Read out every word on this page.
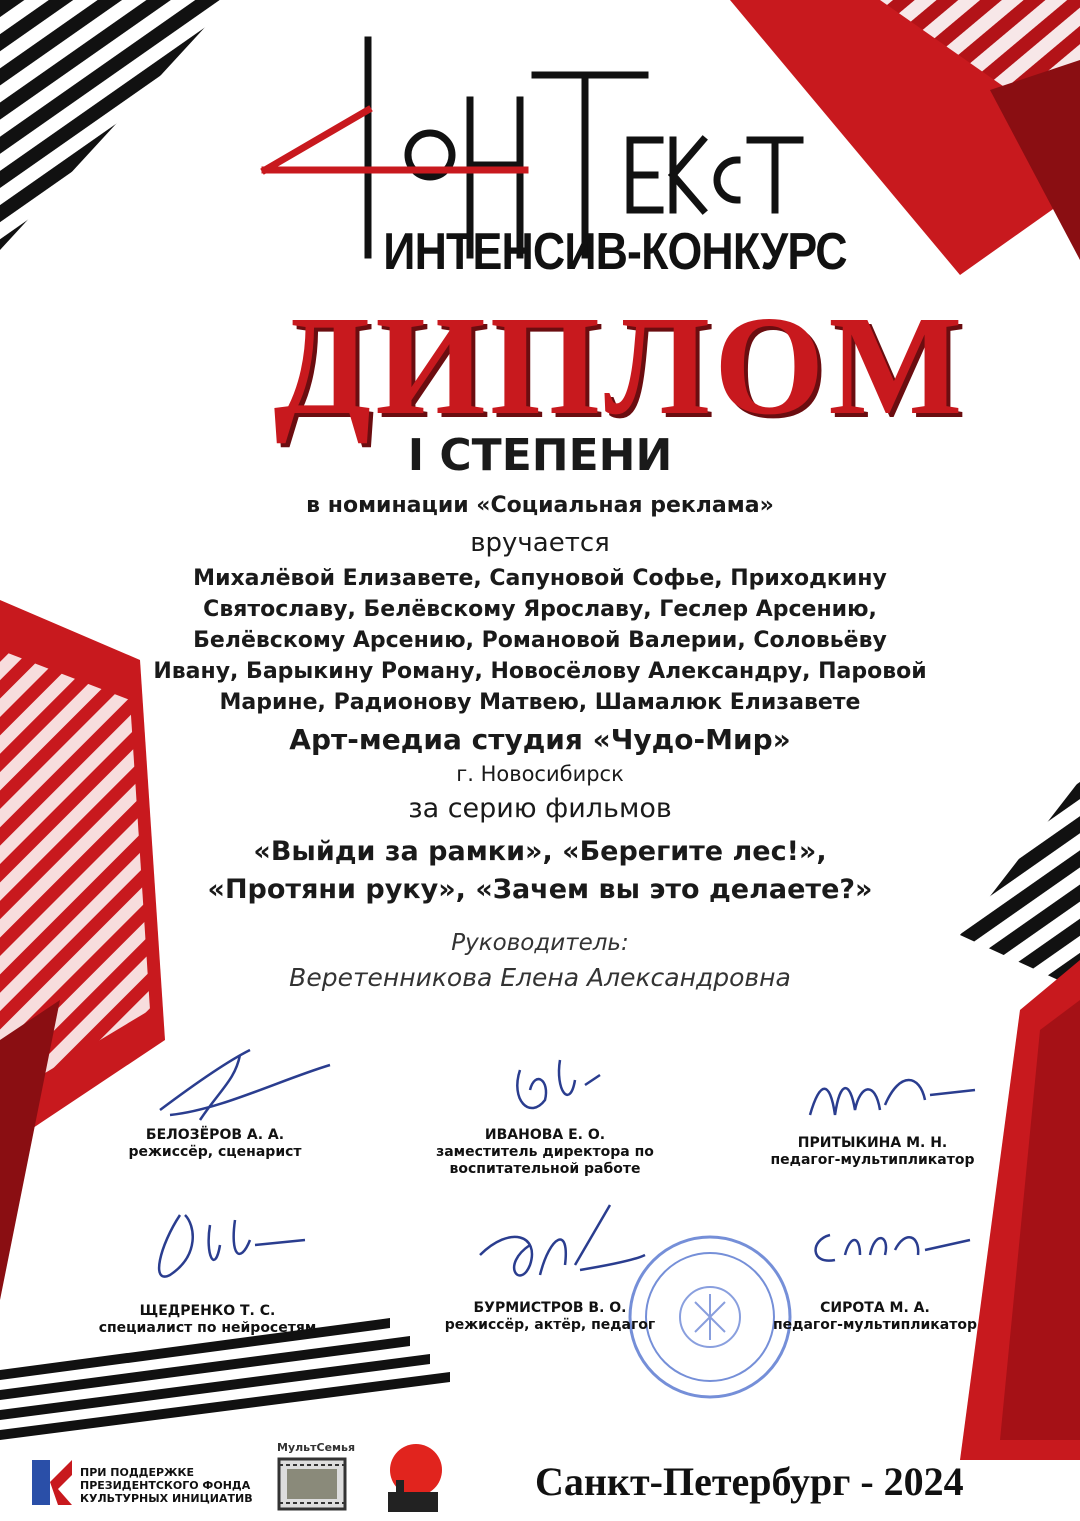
ИНТЕНСИВ-КОНКУРС
ДИПЛОМ
I СТЕПЕНИ
в номинации «Социальная реклама»
вручается
Михалёвой Елизавете, Сапуновой Софье, Приходкину Святославу, Белёвскому Ярославу, Геслер Арсению, Белёвскому Арсению, Романовой Валерии, Соловьёву Ивану, Барыкину Роману, Новосёлову Александру, Паровой Марине, Радионову Матвею, Шамалюк Елизавете
Арт-медиа студия «Чудо-Мир»
г. Новосибирск
за серию фильмов
«Выйди за рамки», «Берегите лес!»,
«Протяни руку», «Зачем вы это делаете?»
Руководитель:
Веретенникова Елена Александровна
БЕЛОЗЁРОВ А. А.
режиссёр, сценарист
ИВАНОВА Е. О.
заместитель директора по воспитательной работе
ПРИТЫКИНА М. Н.
педагог-мультипликатор
ЩЕДРЕНКО Т. С.
специалист по нейросетям
БУРМИСТРОВ В. О.
режиссёр, актёр, педагог
СИРОТА М. А.
педагог-мультипликатор
ПРИ ПОДДЕРЖКЕ ПРЕЗИДЕНТСКОГО ФОНДА КУЛЬТУРНЫХ ИНИЦИАТИВ
МультСемья
Санкт-Петербург - 2024
